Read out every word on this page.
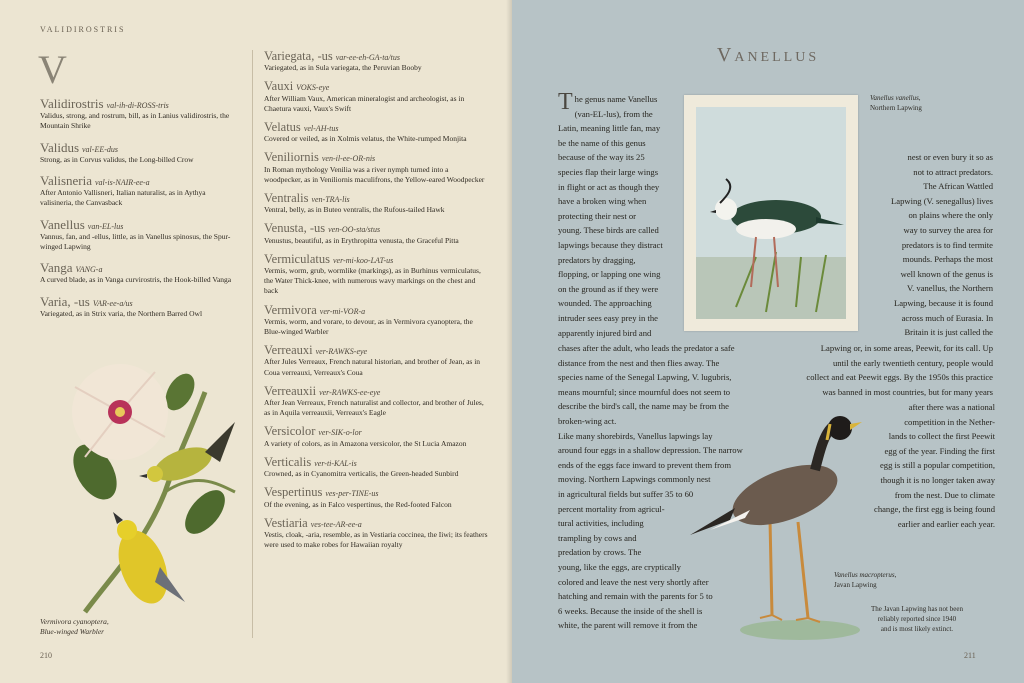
VALIDIROSTRIS
V
Validirostris val-ih-di-ROSS-tris
Validus, strong, and rostrum, bill, as in Lanius validirostris, the Mountain Shrike
Validus val-EE-dus
Strong, as in Corvus validus, the Long-billed Crow
Valisneria val-is-NAIR-ee-a
After Antonio Vallisneri, Italian naturalist, as in Aythya valisineria, the Canvasback
Vanellus van-EL-lus
Vannus, fan, and -ellus, little, as in Vanellus spinosus, the Spur-winged Lapwing
Vanga VANG-a
A curved blade, as in Vanga curvirostris, the Hook-billed Vanga
Varia, -us VAR-ee-a/us
Variegated, as in Strix varia, the Northern Barred Owl
Variegata, -us var-ee-eh-GA-ta/tus
Variegated, as in Sula variegata, the Peruvian Booby
Vauxi VOKS-eye
After William Vaux, American mineralogist and archeologist, as in Chaetura vauxi, Vaux's Swift
Velatus vel-AH-tus
Covered or veiled, as in Xolmis velatus, the White-rumped Monjita
Veniliornis ven-il-ee-OR-nis
In Roman mythology Venilia was a river nymph turned into a woodpecker, as in Veniliornis maculifrons, the Yellow-eared Woodpecker
Ventralis ven-TRA-lis
Ventral, belly, as in Buteo ventralis, the Rufous-tailed Hawk
Venusta, -us ven-OO-sta/stus
Venustus, beautiful, as in Erythropitta venusta, the Graceful Pitta
Vermiculatus ver-mi-koo-LAT-us
Vermis, worm, grub, wormlike (markings), as in Burhinus vermiculatus, the Water Thick-knee, with numerous wavy markings on the chest and back
Vermivora ver-mi-VOR-a
Vermis, worm, and vorare, to devour, as in Vermivora cyanoptera, the Blue-winged Warbler
Verreauxi ver-RAWKS-eye
After Jules Verreaux, French natural historian, and brother of Jean, as in Coua verreauxi, Verreaux's Coua
Verreauxii ver-RAWKS-ee-eye
After Jean Verreaux, French naturalist and collector, and brother of Jules, as in Aquila verreauxii, Verreaux's Eagle
Versicolor ver-SIK-o-lor
A variety of colors, as in Amazona versicolor, the St Lucia Amazon
Verticalis ver-ti-KAL-is
Crowned, as in Cyanomitra verticalis, the Green-headed Sunbird
Vespertinus ves-per-TINE-us
Of the evening, as in Falco vespertinus, the Red-footed Falcon
Vestiaria ves-tee-AR-ee-a
Vestis, cloak, -aria, resemble, as in Vestiaria coccinea, the Iiwi; its feathers were used to make robes for Hawaiian royalty
Vermivora cyanoptera,
Blue-winged Warbler
210
Vanellus
T he genus name Vanellus
(van-EL-lus), from the
Latin, meaning little fan, may
be the name of this genus
because of the way its 25
species flap their large wings
in flight or act as though they
have a broken wing when
protecting their nest or
young. These birds are called
lapwings because they distract
predators by dragging,
flopping, or lapping one wing
on the ground as if they were
wounded. The approaching
intruder sees easy prey in the
apparently injured bird and
chases after the adult, who leads the predator a safe
distance from the nest and then flies away. The
species name of the Senegal Lapwing, V. lugubris,
means mournful; since mournful does not seem to
describe the bird's call, the name may be from the
broken-wing act.
Like many shorebirds, Vanellus lapwings lay
around four eggs in a shallow depression. The narrow
ends of the eggs face inward to prevent them from
moving. Northern Lapwings commonly nest
in agricultural fields but suffer 35 to 60
percent mortality from agricul-
tural activities, including
trampling by cows and
predation by crows. The
young, like the eggs, are cryptically
colored and leave the nest very shortly after
hatching and remain with the parents for 5 to
6 weeks. Because the inside of the shell is
white, the parent will remove it from the
Vanellus vanellus,
Northern Lapwing
nest or even bury it so as
not to attract predators.
The African Wattled
Lapwing (V. senegallus) lives
on plains where the only
way to survey the area for
predators is to find termite
mounds. Perhaps the most
well known of the genus is
V. vanellus, the Northern
Lapwing, because it is found
across much of Eurasia. In
Britain it is just called the
Lapwing or, in some areas, Peewit, for its call. Up
until the early twentieth century, people would
collect and eat Peewit eggs. By the 1950s this practice
was banned in most countries, but for many years
after there was a national
competition in the Nether-
lands to collect the first Peewit
egg of the year. Finding the first
egg is still a popular competition,
though it is no longer taken away
from the nest. Due to climate
change, the first egg is being found
earlier and earlier each year.
Vanellus macropterus,
Javan Lapwing
The Javan Lapwing has not been
reliably reported since 1940
and is most likely extinct.
211
